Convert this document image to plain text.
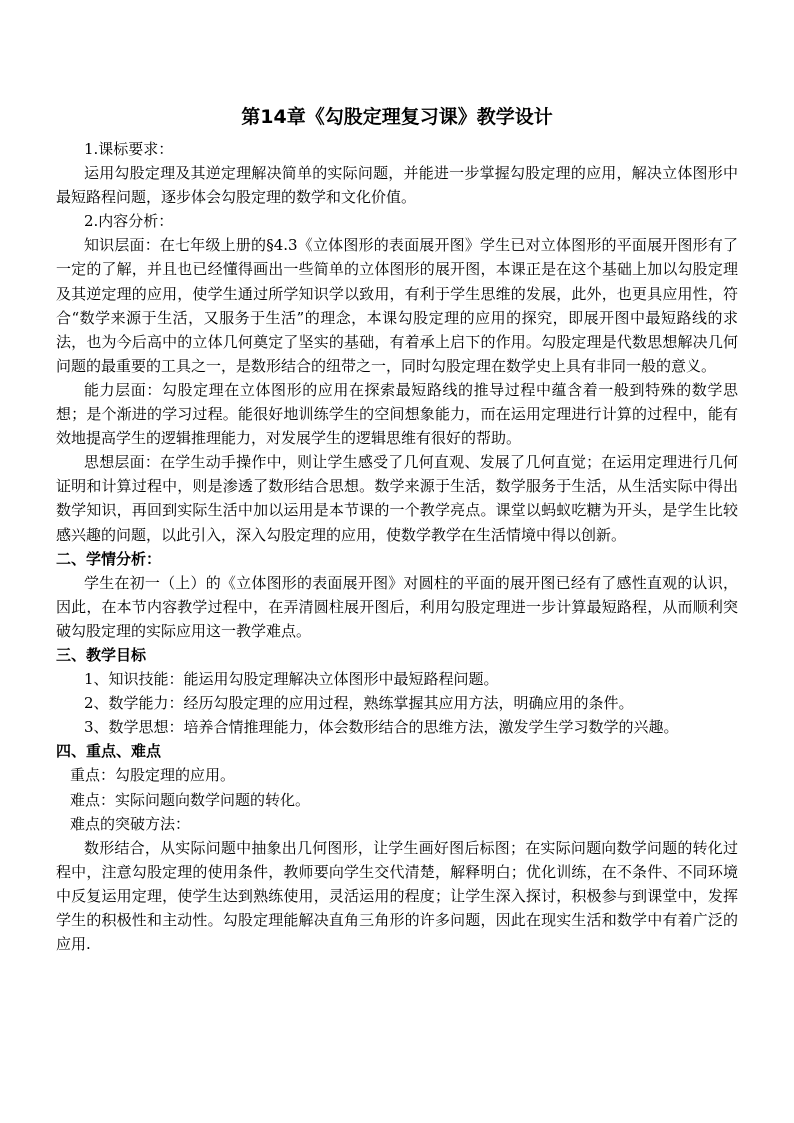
第14章《勾股定理复习课》教学设计

1.课标要求：

运用勾股定理及其逆定理解决简单的实际问题，并能进一步掌握勾股定理的应用，解决立体图形中最短路程问题，逐步体会勾股定理的数学和文化价值。

2.内容分析：

知识层面：在七年级上册的§4.3《立体图形的表面展开图》学生已对立体图形的平面展开图形有了一定的了解，并且也已经懂得画出一些简单的立体图形的展开图，本课正是在这个基础上加以勾股定理及其逆定理的应用，使学生通过所学知识学以致用，有利于学生思维的发展，此外，也更具应用性，符合“数学来源于生活，又服务于生活”的理念，本课勾股定理的应用的探究，即展开图中最短路线的求法，也为今后高中的立体几何奠定了坚实的基础，有着承上启下的作用。勾股定理是代数思想解决几何问题的最重要的工具之一，是数形结合的纽带之一，同时勾股定理在数学史上具有非同一般的意义。

能力层面：勾股定理在立体图形的应用在探索最短路线的推导过程中蕴含着一般到特殊的数学思想；是个渐进的学习过程。能很好地训练学生的空间想象能力，而在运用定理进行计算的过程中，能有效地提高学生的逻辑推理能力，对发展学生的逻辑思维有很好的帮助。

思想层面：在学生动手操作中，则让学生感受了几何直观、发展了几何直觉；在运用定理进行几何证明和计算过程中，则是渗透了数形结合思想。数学来源于生活，数学服务于生活，从生活实际中得出数学知识，再回到实际生活中加以运用是本节课的一个教学亮点。课堂以蚂蚁吃糖为开头，是学生比较感兴趣的问题，以此引入，深入勾股定理的应用，使数学教学在生活情境中得以创新。

二、学情分析：

学生在初一（上）的《立体图形的表面展开图》对圆柱的平面的展开图已经有了感性直观的认识，因此，在本节内容教学过程中，在弄清圆柱展开图后，利用勾股定理进一步计算最短路程，从而顺利突破勾股定理的实际应用这一教学难点。

三、教学目标

1、知识技能：能运用勾股定理解决立体图形中最短路程问题。

2、数学能力：经历勾股定理的应用过程，熟练掌握其应用方法，明确应用的条件。

3、数学思想：培养合情推理能力，体会数形结合的思维方法，激发学生学习数学的兴趣。

四、重点、难点

重点：勾股定理的应用。

难点：实际问题向数学问题的转化。

难点的突破方法：

数形结合，从实际问题中抽象出几何图形，让学生画好图后标图；在实际问题向数学问题的转化过程中，注意勾股定理的使用条件，教师要向学生交代清楚，解释明白；优化训练，在不条件、不同环境中反复运用定理，使学生达到熟练使用，灵活运用的程度；让学生深入探讨，积极参与到课堂中，发挥学生的积极性和主动性。勾股定理能解决直角三角形的许多问题，因此在现实生活和数学中有着广泛的应用.
